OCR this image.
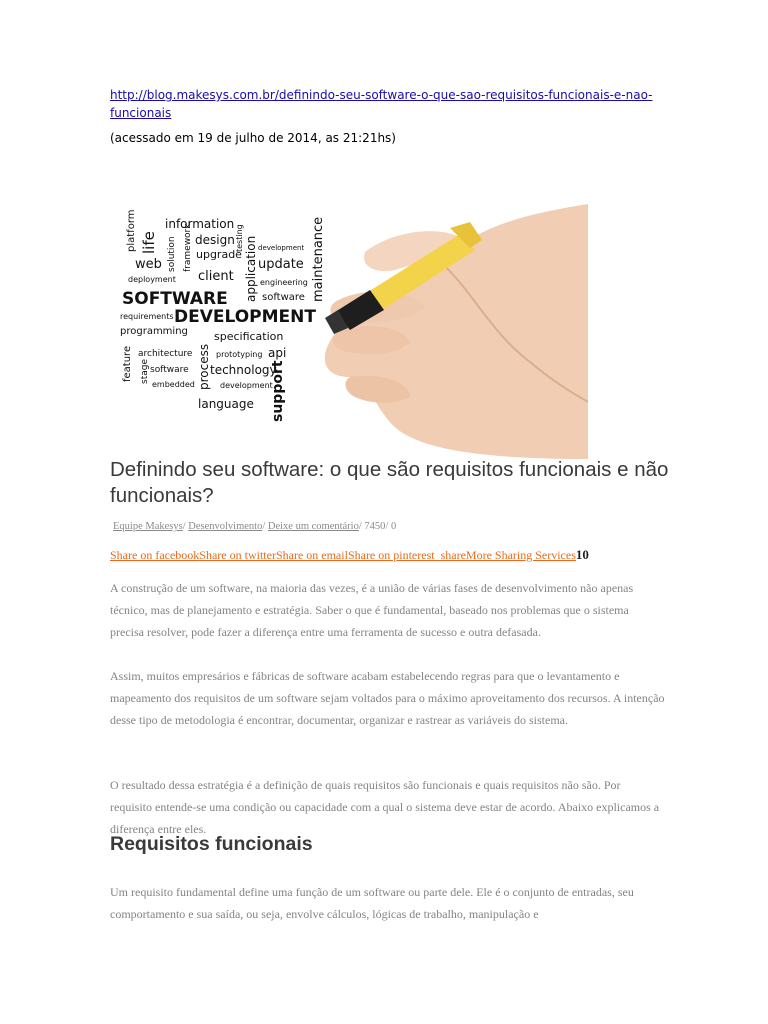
http://blog.makesys.com.br/definindo-seu-software-o-que-sao-requisitos-funcionais-e-nao-funcionais
(acessado em 19 de julho de 2014, as 21:21hs)
information
platform life	design
solution framework upgrade
testing development
web
client
update
deployment	application engineering maintenance
SOFTWARE	software
DEVELOPMENT
requirements
programming specification
feature architecture process prototyping api
stage software technology
embedded	development
support
language
Definindo seu software: o que são requisitos funcionais e não funcionais?
Equipe Makesys/ Desenvolvimento/ Deixe um comentário/ 7450/ 0
Share on facebookShare on twitterShare on emailShare on pinterest_shareMore Sharing Services10

A construção de um software, na maioria das vezes, é a união de várias fases de desenvolvimento não apenas técnico, mas de planejamento e estratégia. Saber o que é fundamental, baseado nos problemas que o sistema precisa resolver, pode fazer a diferença entre uma ferramenta de sucesso e outra defasada.

Assim, muitos empresários e fábricas de software acabam estabelecendo regras para que o levantamento e mapeamento dos requisitos de um software sejam voltados para o máximo aproveitamento dos recursos. A intenção desse tipo de metodologia é encontrar, documentar, organizar e rastrear as variáveis do sistema.

O resultado dessa estratégia é a definição de quais requisitos são funcionais e quais requisitos não são. Por requisito entende-se uma condição ou capacidade com a qual o sistema deve estar de acordo. Abaixo explicamos a diferença entre eles.

Requisitos funcionais

Um requisito fundamental define uma função de um software ou parte dele. Ele é o conjunto de entradas, seu comportamento e sua saída, ou seja, envolve cálculos, lógicas de trabalho, manipulação e
